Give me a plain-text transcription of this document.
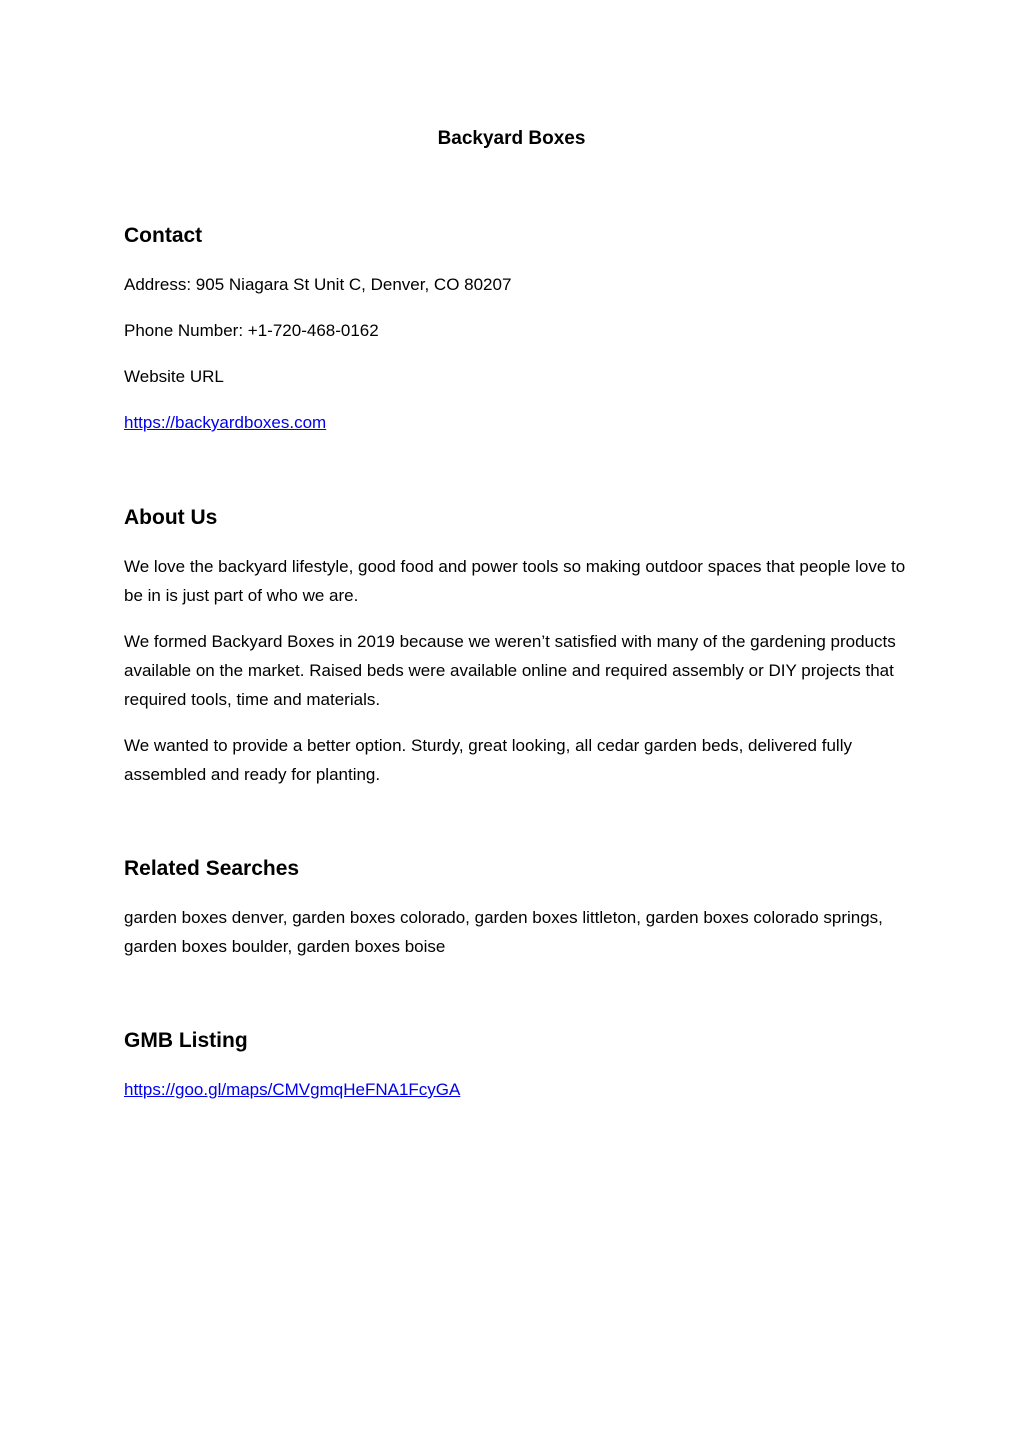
Backyard Boxes
Contact

Address: 905 Niagara St Unit C, Denver, CO 80207

Phone Number: +1-720-468-0162

Website URL

https://backyardboxes.com

About Us

We love the backyard lifestyle, good food and power tools so making outdoor spaces that people love to be in is just part of who we are.

We formed Backyard Boxes in 2019 because we weren’t satisfied with many of the gardening products available on the market. Raised beds were available online and required assembly or DIY projects that required tools, time and materials.

We wanted to provide a better option. Sturdy, great looking, all cedar garden beds, delivered fully assembled and ready for planting.

Related Searches

garden boxes denver, garden boxes colorado, garden boxes littleton, garden boxes colorado springs, garden boxes boulder, garden boxes boise

GMB Listing

https://goo.gl/maps/CMVgmqHeFNA1FcyGA
